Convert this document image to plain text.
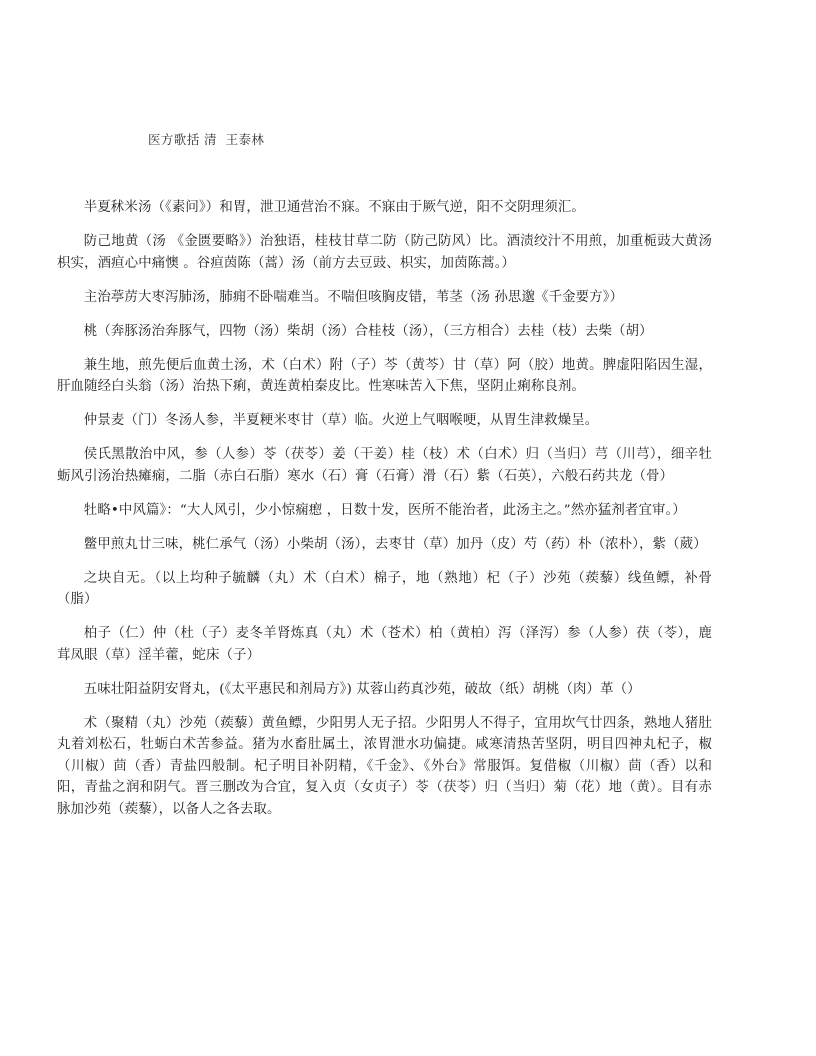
医方歌括 清  王泰林

半夏秫米汤（《素问》）和胃，泄卫通营治不寐。不寐由于厥气逆，阳不交阴理须汇。

防己地黄（汤 《金匮要略》）治独语，桂枝甘草二防（防己防风）比。酒渍绞汁不用煎，加重栀豉大黄汤枳实，酒疸心中痛懊 。谷疸茵陈（蒿）汤（前方去豆豉、枳实，加茵陈蒿。）

主治葶苈大枣泻肺汤，肺痈不卧喘难当。不喘但咳胸皮错，苇茎（汤 孙思邈《千金要方》）

桃（奔豚汤治奔豚气，四物（汤）柴胡（汤）合桂枝（汤），（三方相合）去桂（枝）去柴（胡）

兼生地，煎先便后血黄土汤，术（白术）附（子）芩（黄芩）甘（草）阿（胶）地黄。脾虚阳陷因生湿，肝血随经白头翁（汤）治热下痢，黄连黄柏秦皮比。性寒味苦入下焦，坚阴止痢称良剂。

仲景麦（门）冬汤人参，半夏粳米枣甘（草）临。火逆上气咽喉哽，从胃生津救燥呈。

侯氏黑散治中风，参（人参）苓（茯苓）姜（干姜）桂（枝）术（白术）归（当归）芎（川芎），细辛牡蛎风引汤治热瘫痫，二脂（赤白石脂）寒水（石）膏（石膏）滑（石）紫（石英），六般石药共龙（骨）

牡略•中风篇》：“大人风引，少小惊痫瘛 ，日数十发，医所不能治者，此汤主之。”然亦猛剂者宜审。）

鳖甲煎丸廿三味，桃仁承气（汤）小柴胡（汤），去枣甘（草）加丹（皮）芍（药）朴（浓朴），紫（葳）

之块自无。（以上均种子毓麟（丸）术（白术）棉子，地（熟地）杞（子）沙苑（蒺藜）线鱼鳔，补骨（脂）

柏子（仁）仲（杜（子）麦冬羊肾炼真（丸）术（苍术）柏（黄柏）泻（泽泻）参（人参）茯（苓），鹿茸凤眼（草）淫羊藿，蛇床（子）

五味壮阳益阴安肾丸，(《太平惠民和剂局方》) 苁蓉山药真沙苑，破故（纸）胡桃（肉）革（）

术（聚精（丸）沙苑（蒺藜）黄鱼鳔，少阳男人无子招。少阳男人不得子，宜用坎气廿四条，熟地人猪肚丸着刘松石，牡蛎白术苦参益。猪为水畜肚属土，浓胃泄水功偏捷。咸寒清热苦坚阴，明目四神丸杞子，椒（川椒）茴（香）青盐四般制。杞子明目补阴精，《千金》、《外台》常服饵。复借椒（川椒）茴（香）以和阳，青盐之润和阴气。晋三删改为合宜，复入贞（女贞子）苓（茯苓）归（当归）菊（花）地（黄）。目有赤脉加沙苑（蒺藜），以备人之各去取。
